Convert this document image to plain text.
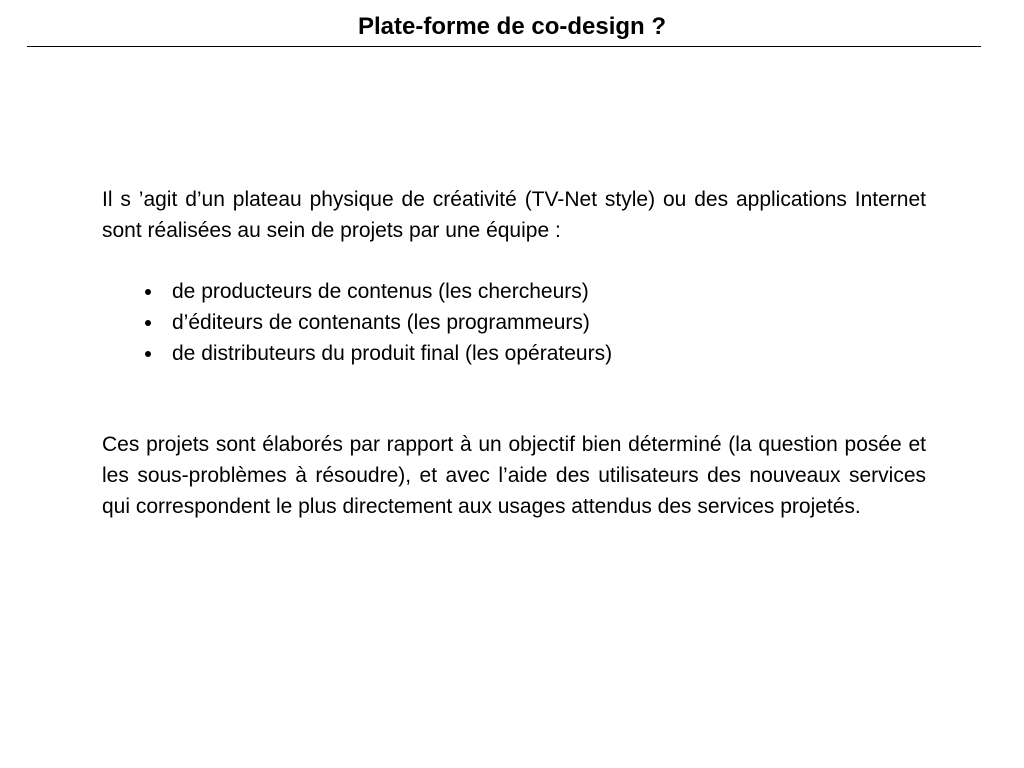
Plate-forme de co-design ?

Il s ’agit d’un plateau physique de créativité (TV-Net style) ou des applications Internet sont réalisées au sein de projets par une équipe :

de producteurs de contenus (les chercheurs)
d’éditeurs de contenants (les programmeurs)
de distributeurs du produit final (les opérateurs)

Ces projets sont élaborés par rapport à un objectif bien déterminé (la question posée et les sous-problèmes à résoudre), et avec l’aide des utilisateurs des nouveaux services qui correspondent le plus directement aux usages attendus des services projetés.
